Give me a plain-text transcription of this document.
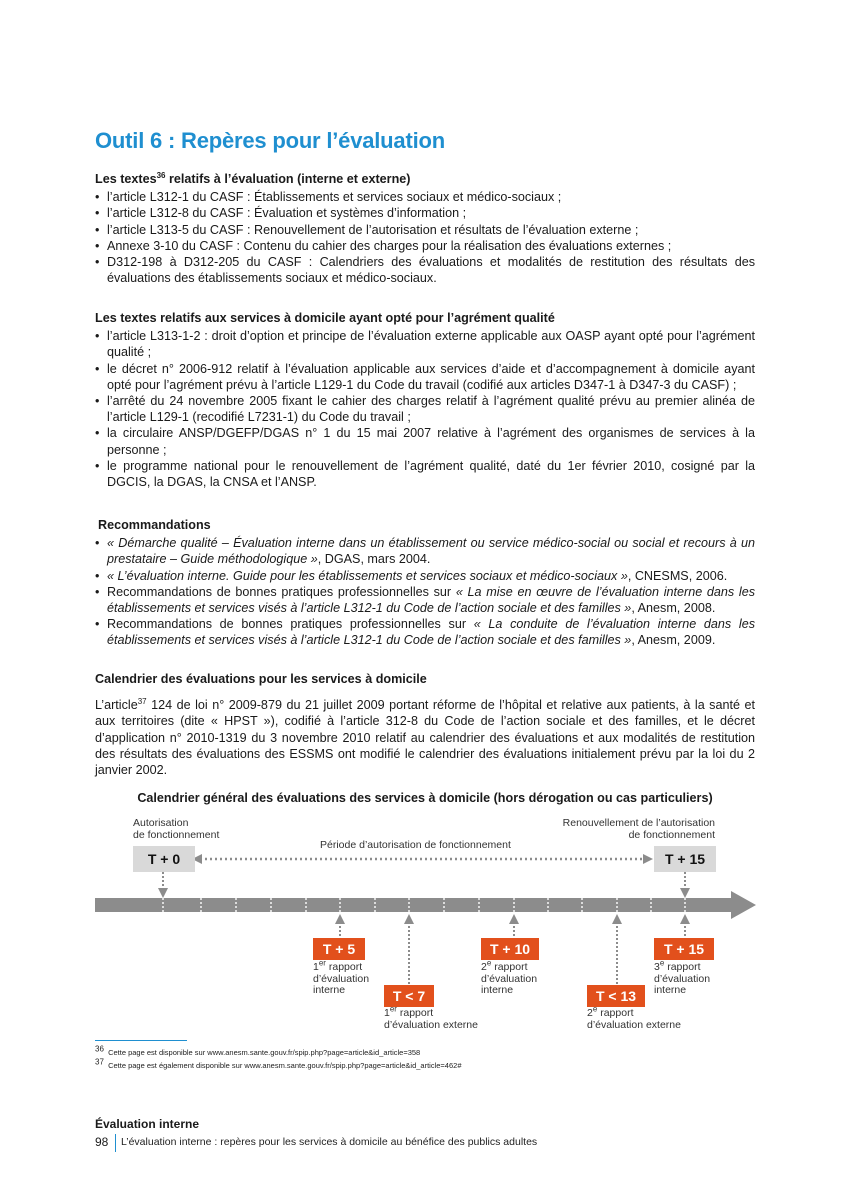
Outil 6 : Repères pour l’évaluation
Les textes$^{36}$ relatifs à l’évaluation (interne et externe)
• l’article L312-1 du CASF : Établissements et services sociaux et médico-sociaux ;
• l’article L312-8 du CASF : Évaluation et systèmes d’information ;
• l’article L313-5 du CASF : Renouvellement de l’autorisation et résultats de l’évaluation externe ;
• Annexe 3-10 du CASF : Contenu du cahier des charges pour la réalisation des évaluations externes ;
• D312-198 à D312-205 du CASF : Calendriers des évaluations et modalités de restitution des résultats des évaluations des établissements sociaux et médico-sociaux.
Les textes relatifs aux services à domicile ayant opté pour l’agrément qualité
• l’article L313-1-2 : droit d’option et principe de l’évaluation externe applicable aux OASP ayant opté pour l’agrément qualité ;
• le décret n° 2006-912 relatif à l’évaluation applicable aux services d’aide et d’accompagnement à domicile ayant opté pour l’agrément prévu à l’article L129-1 du Code du travail (codifié aux articles D347-1 à D347-3 du CASF) ;
• l’arrêté du 24 novembre 2005 fixant le cahier des charges relatif à l’agrément qualité prévu au premier alinéa de l’article L129-1 (recodifié L7231-1) du Code du travail ;
• la circulaire ANSP/DGEFP/DGAS n° 1 du 15 mai 2007 relative à l’agrément des organismes de services à la personne ;
• le programme national pour le renouvellement de l’agrément qualité, daté du 1er février 2010, cosigné par la DGCIS, la DGAS, la CNSA et l’ANSP.
Recommandations
• « Démarche qualité – Évaluation interne dans un établissement ou service médico-social ou social et recours à un prestataire – Guide méthodologique », DGAS, mars 2004.
• « L’évaluation interne. Guide pour les établissements et services sociaux et médico-sociaux », CNESMS, 2006.
• Recommandations de bonnes pratiques professionnelles sur « La mise en œuvre de l’évaluation interne dans les établissements et services visés à l’article L312-1 du Code de l’action sociale et des familles », Anesm, 2008.
• Recommandations de bonnes pratiques professionnelles sur « La conduite de l’évaluation interne dans les établissements et services visés à l’article L312-1 du Code de l’action sociale et des familles », Anesm, 2009.
Calendrier des évaluations pour les services à domicile
L’article$^{37}$ 124 de loi n° 2009-879 du 21 juillet 2009 portant réforme de l’hôpital et relative aux patients, à la santé et aux territoires (dite « HPST »), codifié à l’article 312-8 du Code de l’action sociale et des familles, et le décret d’application n° 2010-1319 du 3 novembre 2010 relatif au calendrier des évaluations et aux modalités de restitution des résultats des évaluations des ESSMS ont modifié le calendrier des évaluations initialement prévu par la loi du 2 janvier 2002.
Calendrier général des évaluations des services à domicile (hors dérogation ou cas particuliers)
Autorisation
de fonctionnement
Renouvellement de l’autorisation
de fonctionnement
Période d’autorisation de fonctionnement
T + 0	T + 15
T + 5	T + 10	T + 15
T < 7	T < 13
1er rapport
d’évaluation
interne
2e rapport
d’évaluation
interne
3e rapport
d’évaluation
interne
1er rapport
d’évaluation externe
2e rapport
d’évaluation externe
$^{36}$ Cette page est disponible sur www.anesm.sante.gouv.fr/spip.php?page=article&id_article=358
$^{37}$ Cette page est également disponible sur www.anesm.sante.gouv.fr/spip.php?page=article&id_article=462#
Évaluation interne
98 L’évaluation interne : repères pour les services à domicile au bénéfice des publics adultes
